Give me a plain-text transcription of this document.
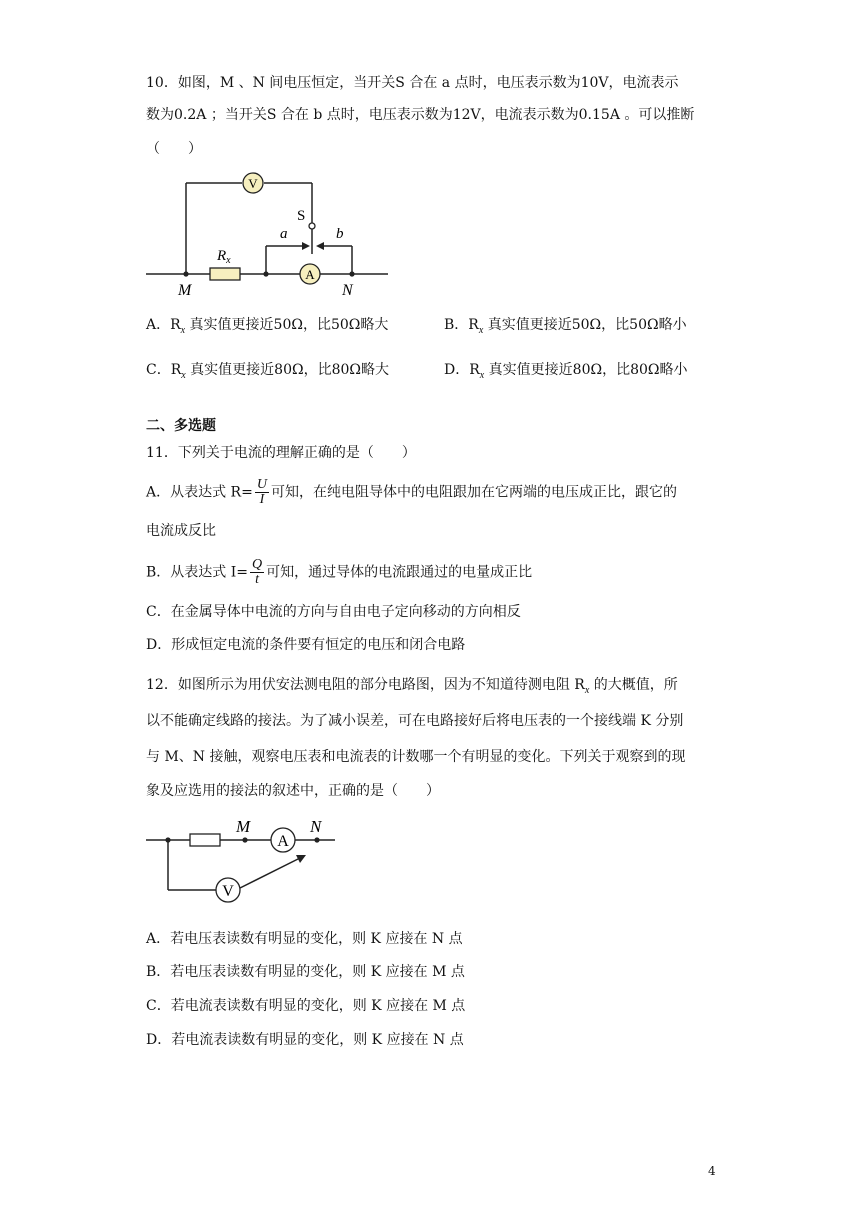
10．如图，M 、N 间电压恒定，当开关S 合在 a 点时，电压表示数为10V，电流表示
数为0.2A ；当开关S 合在 b 点时，电压表示数为12V，电流表示数为0.15A 。可以推断
（　　）
V
S
a	b
$R_x$
A
M	N
A．$R_x$ 真实值更接近50Ω，比50Ω略大	B．$R_x$ 真实值更接近50Ω，比50Ω略小
C．$R_x$ 真实值更接近80Ω，比80Ω略大	D．$R_x$ 真实值更接近80Ω，比80Ω略小
二、多选题
11．下列关于电流的理解正确的是（　　）
A．从表达式 $R= \frac{U}{I}$ 可知，在纯电阻导体中的电阻跟加在它两端的电压成正比，跟它的
电流成反比
B．从表达式 $I= \frac{Q}{t}$ 可知，通过导体的电流跟通过的电量成正比
C．在金属导体中电流的方向与自由电子定向移动的方向相反
D．形成恒定电流的条件要有恒定的电压和闭合电路
12．如图所示为用伏安法测电阻的部分电路图，因为不知道待测电阻 $R_x$ 的大概值，所
以不能确定线路的接法。为了减小误差，可在电路接好后将电压表的一个接线端 K 分别
与 M、N 接触，观察电压表和电流表的计数哪一个有明显的变化。下列关于观察到的现
象及应选用的接法的叙述中，正确的是（　　）
A
M	N
V
A．若电压表读数有明显的变化，则 K 应接在 N 点
B．若电压表读数有明显的变化，则 K 应接在 M 点
C．若电流表读数有明显的变化，则 K 应接在 M 点
D．若电流表读数有明显的变化，则 K 应接在 N 点
4
